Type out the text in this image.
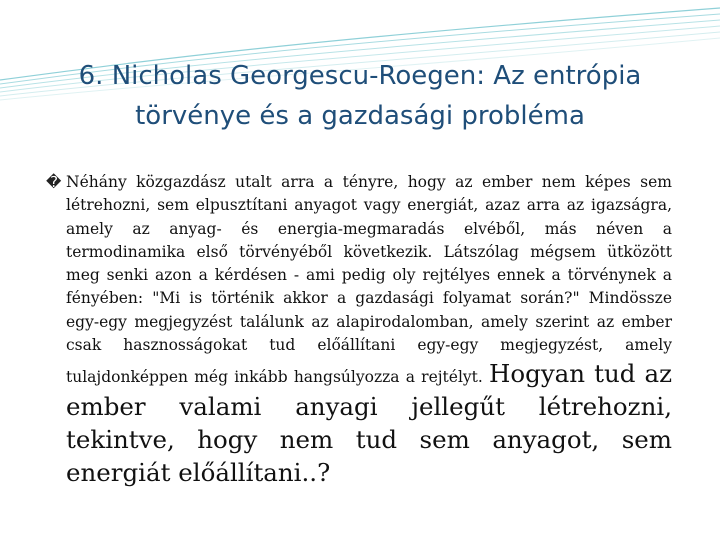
6. Nicholas Georgescu-Roegen: Az entrópia
törvénye és a gazdasági probléma
� Néhány közgazdász utalt arra a tényre, hogy az ember nem képes sem létrehozni, sem elpusztítani anyagot vagy energiát, azaz arra az igazságra, amely az anyag- és energia-megmaradás elvéből, más néven a termodinamika első törvényéből következik. Látszólag mégsem ütközött meg senki azon a kérdésen - ami pedig oly rejtélyes ennek a törvénynek a fényében: "Mi is történik akkor a gazdasági folyamat során?" Mindössze egy-egy megjegyzést találunk az alapirodalomban, amely szerint az ember csak hasznosságokat tud előállítani egy-egy megjegyzést, amely tulajdonképpen még inkább hangsúlyozza a rejtélyt. Hogyan tud az ember valami anyagi jellegűt létrehozni, tekintve, hogy nem tud sem anyagot, sem energiát előállítani..?
